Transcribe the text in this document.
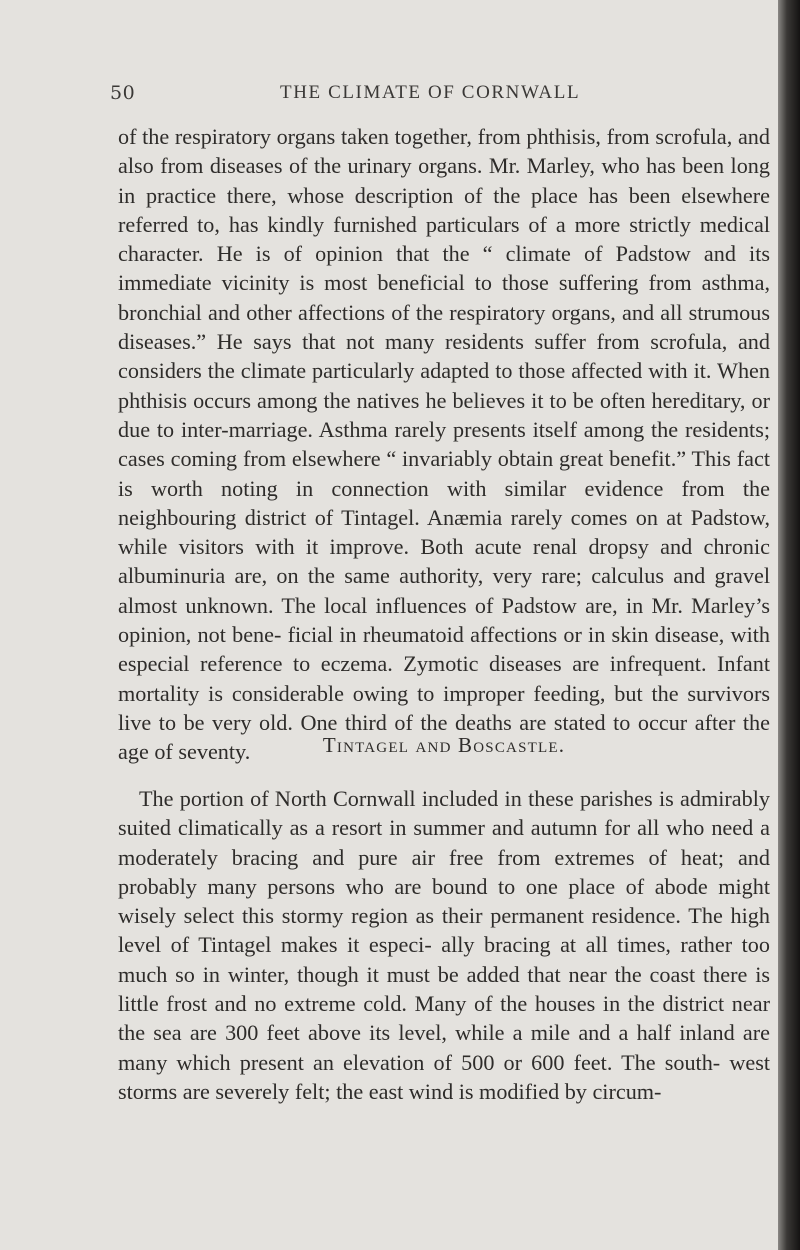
50	THE CLIMATE OF CORNWALL
of the respiratory organs taken together, from phthisis, from scrofula, and also from diseases of the urinary organs. Mr. Marley, who has been long in practice there, whose description of the place has been elsewhere referred to, has kindly furnished particulars of a more strictly medical character. He is of opinion that the “ climate of Padstow and its immediate vicinity is most beneficial to those suffering from asthma, bronchial and other affections of the respiratory organs, and all strumous diseases.” He says that not many residents suffer from scrofula, and considers the climate particularly adapted to those affected with it. When phthisis occurs among the natives he believes it to be often hereditary, or due to inter-marriage. Asthma rarely presents itself among the residents; cases coming from elsewhere “ invariably obtain great benefit.” This fact is worth noting in connection with similar evidence from the neighbouring district of Tintagel. Anæmia rarely comes on at Padstow, while visitors with it improve. Both acute renal dropsy and chronic albuminuria are, on the same authority, very rare; calculus and gravel almost unknown. The local influences of Padstow are, in Mr. Marley’s opinion, not bene- ficial in rheumatoid affections or in skin disease, with especial reference to eczema. Zymotic diseases are infrequent. Infant mortality is considerable owing to improper feeding, but the survivors live to be very old. One third of the deaths are stated to occur after the age of seventy.	Tintagel and Boscastle.
The portion of North Cornwall included in these parishes is admirably suited climatically as a resort in summer and autumn for all who need a moderately bracing and pure air free from extremes of heat; and probably many persons who are bound to one place of abode might wisely select this stormy region as their permanent residence. The high level of Tintagel makes it especi- ally bracing at all times, rather too much so in winter, though it must be added that near the coast there is little frost and no extreme cold. Many of the houses in the district near the sea are 300 feet above its level, while a mile and a half inland are many which present an elevation of 500 or 600 feet. The south- west storms are severely felt; the east wind is modified by circum-
